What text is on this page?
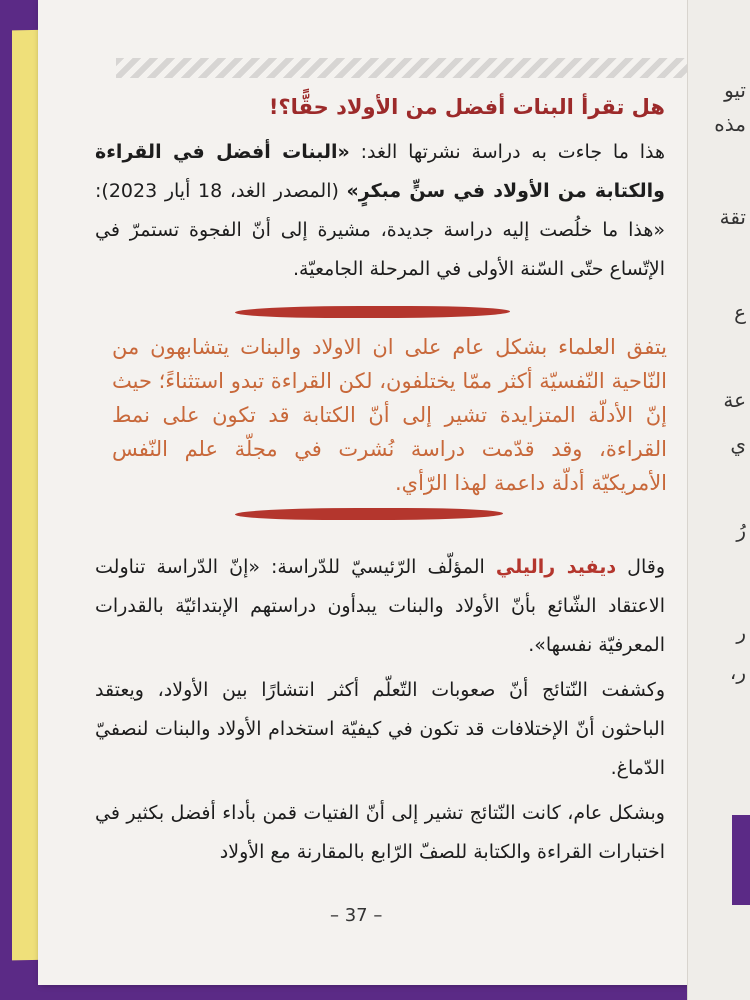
تيو
مذه
تقة
ع
عة
ي
رُ
ر
ر،
هل تقرأ البنات أفضل من الأولاد حقًّا؟!
هذا ما جاءت به دراسة نشرتها الغد: «البنات أفضل في القراءة والكتابة من الأولاد في سنٍّ مبكرٍ» (المصدر الغد، 18 أيار 2023): «هذا ما خلُصت إليه دراسة جديدة، مشيرة إلى أنّ الفجوة تستمرّ في الإتّساع حتّى السّنة الأولى في المرحلة الجامعيّة.
يتفق العلماء بشكل عام على ان الاولاد والبنات يتشابهون من النّاحية النّفسيّة أكثر ممّا يختلفون، لكن القراءة تبدو استثناءً؛ حيث إنّ الأدلّة المتزايدة تشير إلى أنّ الكتابة قد تكون على نمط القراءة، وقد قدّمت دراسة نُشرت في مجلّة علم النّفس الأمريكيّة أدلّة داعمة لهذا الرّأي.

وقال ديفيد راليلي المؤلّف الرّئيسيّ للدّراسة: «إنّ الدّراسة تناولت الاعتقاد الشّائع بأنّ الأولاد والبنات يبدأون دراستهم الإبتدائيّة بالقدرات المعرفيّة نفسها».

وكشفت النّتائج أنّ صعوبات التّعلّم أكثر انتشارًا بين الأولاد، ويعتقد الباحثون أنّ الإختلافات قد تكون في كيفيّة استخدام الأولاد والبنات لنصفيّ الدّماغ.

وبشكل عام، كانت النّتائج تشير إلى أنّ الفتيات قمن بأداء أفضل بكثير في اختبارات القراءة والكتابة للصفّ الرّابع بالمقارنة مع الأولاد

– 37 –
